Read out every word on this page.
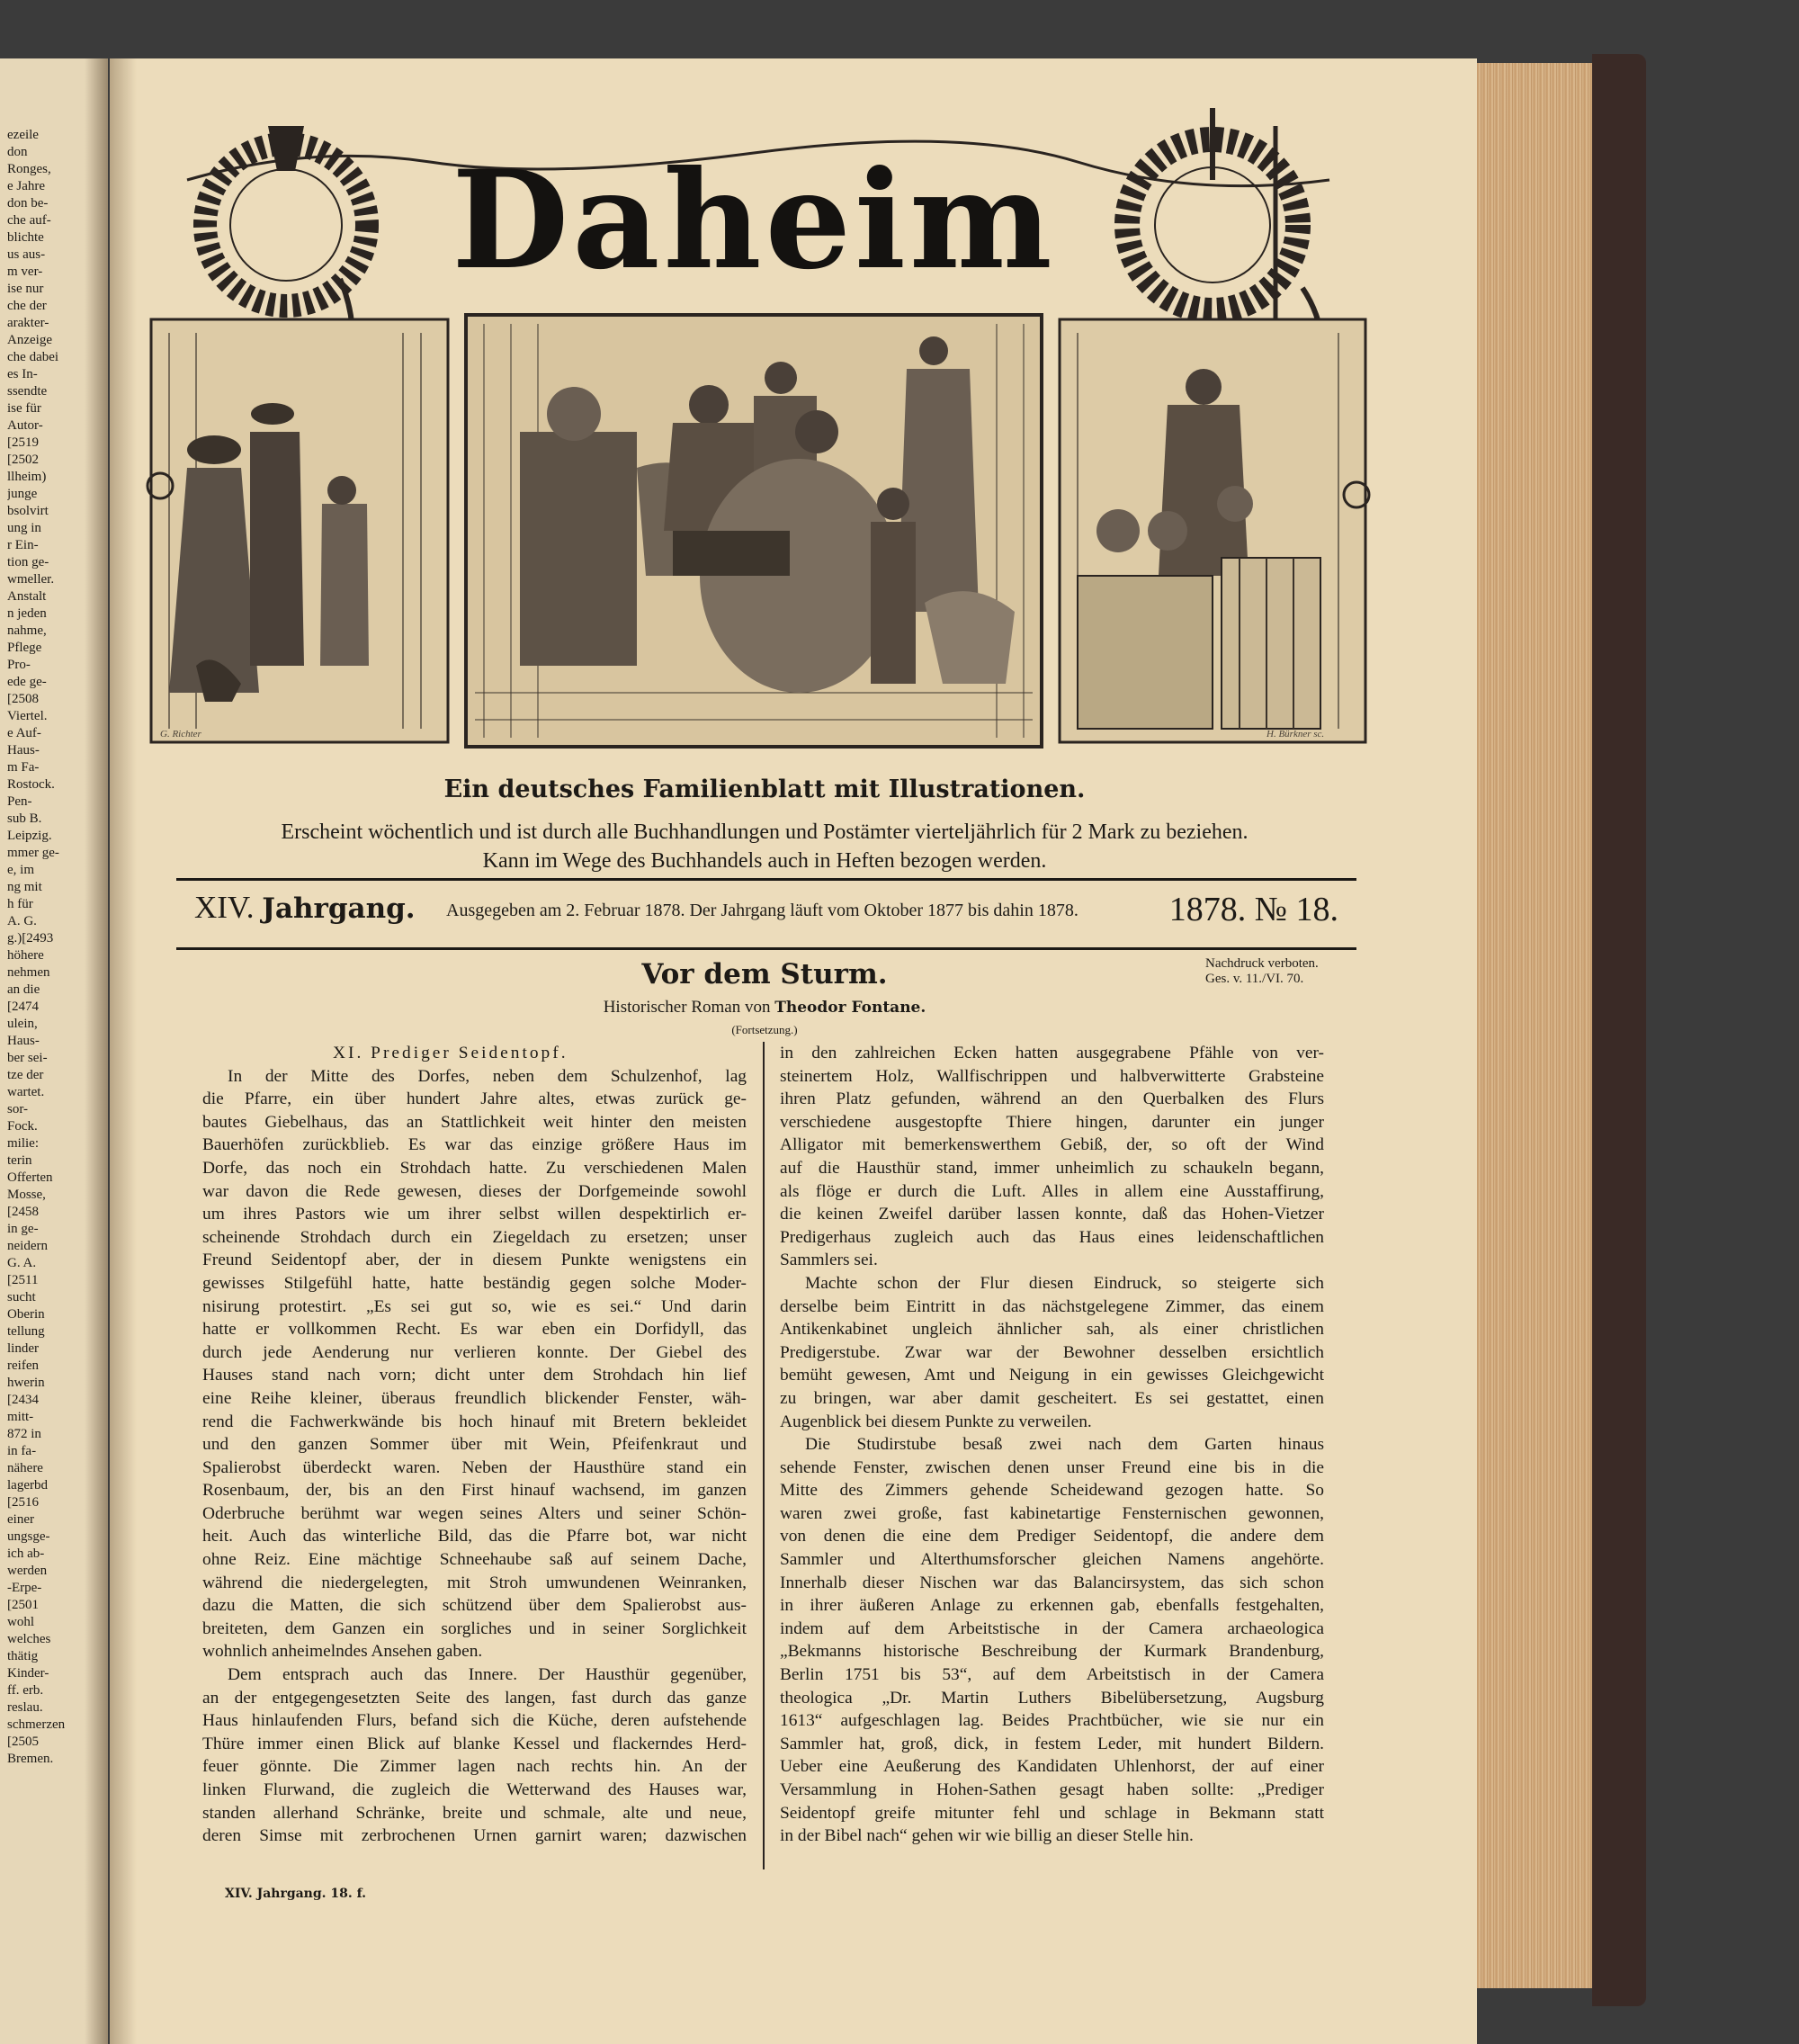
ezeile
don
Ronges,
e Jahre
don be-
che auf-
blichte
us aus-
m ver-
ise nur
che der
arakter-
Anzeige
che dabei
es In-
ssendte
ise für
Autor-
[2519
[2502
llheim)
junge
bsolvirt
ung in
r Ein-
tion ge-
wmeller.
Anstalt
n jeden
nahme,
Pflege
Pro-
ede ge-
[2508
Viertel.
e Auf-
Haus-
m Fa-
Rostock.
Pen-
sub B.
Leipzig.
mmer ge-
e, im
ng mit
h für
A. G.
g.)[2493
höhere
nehmen
an die
[2474
ulein,
Haus-
ber sei-
tze der
wartet.
sor-
Fock.
milie:
terin
Offerten
Mosse,
[2458
in ge-
neidern
G. A.
[2511
sucht
Oberin
tellung
linder
reifen
hwerin
[2434
mitt-
872 in
in fa-
nähere
lagerbd
[2516
einer
ungsge-
ich ab-
werden
-Erpe-
[2501
wohl
welches
thätig
Kinder-
ff. erb.
reslau.
schmerzen
[2505
Bremen.
Daheim
G. Richter	H. Bürkner sc.
Ein deutsches Familienblatt mit Illustrationen.
Erscheint wöchentlich und ist durch alle Buchhandlungen und Postämter vierteljährlich für 2 Mark zu beziehen.
Kann im Wege des Buchhandels auch in Heften bezogen werden.
XIV. Jahrgang. Ausgegeben am 2. Februar 1878. Der Jahrgang läuft vom Oktober 1877 bis dahin 1878.	1878. № 18.
Vor dem Sturm.	Nachdruck verboten.
Ges. v. 11./VI. 70.
Historischer Roman von Theodor Fontane.
(Fortsetzung.)
XI. Prediger Seidentopf.
In der Mitte des Dorfes, neben dem Schulzenhof, lag
die Pfarre, ein über hundert Jahre altes, etwas zurück ge-
bautes Giebelhaus, das an Stattlichkeit weit hinter den meisten
Bauerhöfen zurückblieb. Es war das einzige größere Haus im
Dorfe, das noch ein Strohdach hatte. Zu verschiedenen Malen
war davon die Rede gewesen, dieses der Dorfgemeinde sowohl
um ihres Pastors wie um ihrer selbst willen despektirlich er-
scheinende Strohdach durch ein Ziegeldach zu ersetzen; unser
Freund Seidentopf aber, der in diesem Punkte wenigstens ein
gewisses Stilgefühl hatte, hatte beständig gegen solche Moder-
nisirung protestirt. „Es sei gut so, wie es sei.“ Und darin
hatte er vollkommen Recht. Es war eben ein Dorfidyll, das
durch jede Aenderung nur verlieren konnte. Der Giebel des
Hauses stand nach vorn; dicht unter dem Strohdach hin lief
eine Reihe kleiner, überaus freundlich blickender Fenster, wäh-
rend die Fachwerkwände bis hoch hinauf mit Bretern bekleidet
und den ganzen Sommer über mit Wein, Pfeifenkraut und
Spalierobst überdeckt waren. Neben der Hausthüre stand ein
Rosenbaum, der, bis an den First hinauf wachsend, im ganzen
Oderbruche berühmt war wegen seines Alters und seiner Schön-
heit. Auch das winterliche Bild, das die Pfarre bot, war nicht
ohne Reiz. Eine mächtige Schneehaube saß auf seinem Dache,
während die niedergelegten, mit Stroh umwundenen Weinranken,
dazu die Matten, die sich schützend über dem Spalierobst aus-
breiteten, dem Ganzen ein sorgliches und in seiner Sorglichkeit
wohnlich anheimelndes Ansehen gaben.
Dem entsprach auch das Innere. Der Hausthür gegenüber,
an der entgegengesetzten Seite des langen, fast durch das ganze
Haus hinlaufenden Flurs, befand sich die Küche, deren aufstehende
Thüre immer einen Blick auf blanke Kessel und flackerndes Herd-
feuer gönnte. Die Zimmer lagen nach rechts hin. An der
linken Flurwand, die zugleich die Wetterwand des Hauses war,
standen allerhand Schränke, breite und schmale, alte und neue,
deren Simse mit zerbrochenen Urnen garnirt waren; dazwischen
in den zahlreichen Ecken hatten ausgegrabene Pfähle von ver-
steinertem Holz, Wallfischrippen und halbverwitterte Grabsteine
ihren Platz gefunden, während an den Querbalken des Flurs
verschiedene ausgestopfte Thiere hingen, darunter ein junger
Alligator mit bemerkenswerthem Gebiß, der, so oft der Wind
auf die Hausthür stand, immer unheimlich zu schaukeln begann,
als flöge er durch die Luft. Alles in allem eine Ausstaffirung,
die keinen Zweifel darüber lassen konnte, daß das Hohen-Vietzer
Predigerhaus zugleich auch das Haus eines leidenschaftlichen
Sammlers sei.
Machte schon der Flur diesen Eindruck, so steigerte sich
derselbe beim Eintritt in das nächstgelegene Zimmer, das einem
Antikenkabinet ungleich ähnlicher sah, als einer christlichen
Predigerstube. Zwar war der Bewohner desselben ersichtlich
bemüht gewesen, Amt und Neigung in ein gewisses Gleichgewicht
zu bringen, war aber damit gescheitert. Es sei gestattet, einen
Augenblick bei diesem Punkte zu verweilen.
Die Studirstube besaß zwei nach dem Garten hinaus
sehende Fenster, zwischen denen unser Freund eine bis in die
Mitte des Zimmers gehende Scheidewand gezogen hatte. So
waren zwei große, fast kabinetartige Fensternischen gewonnen,
von denen die eine dem Prediger Seidentopf, die andere dem
Sammler und Alterthumsforscher gleichen Namens angehörte.
Innerhalb dieser Nischen war das Balancirsystem, das sich schon
in ihrer äußeren Anlage zu erkennen gab, ebenfalls festgehalten,
indem auf dem Arbeitstische in der Camera archaeologica
„Bekmanns historische Beschreibung der Kurmark Brandenburg,
Berlin 1751 bis 53“, auf dem Arbeitstisch in der Camera
theologica „Dr. Martin Luthers Bibelübersetzung, Augsburg
1613“ aufgeschlagen lag. Beides Prachtbücher, wie sie nur ein
Sammler hat, groß, dick, in festem Leder, mit hundert Bildern.
Ueber eine Aeußerung des Kandidaten Uhlenhorst, der auf einer
Versammlung in Hohen-Sathen gesagt haben sollte: „Prediger
Seidentopf greife mitunter fehl und schlage in Bekmann statt
in der Bibel nach“ gehen wir wie billig an dieser Stelle hin.
XIV. Jahrgang. 18. f.
